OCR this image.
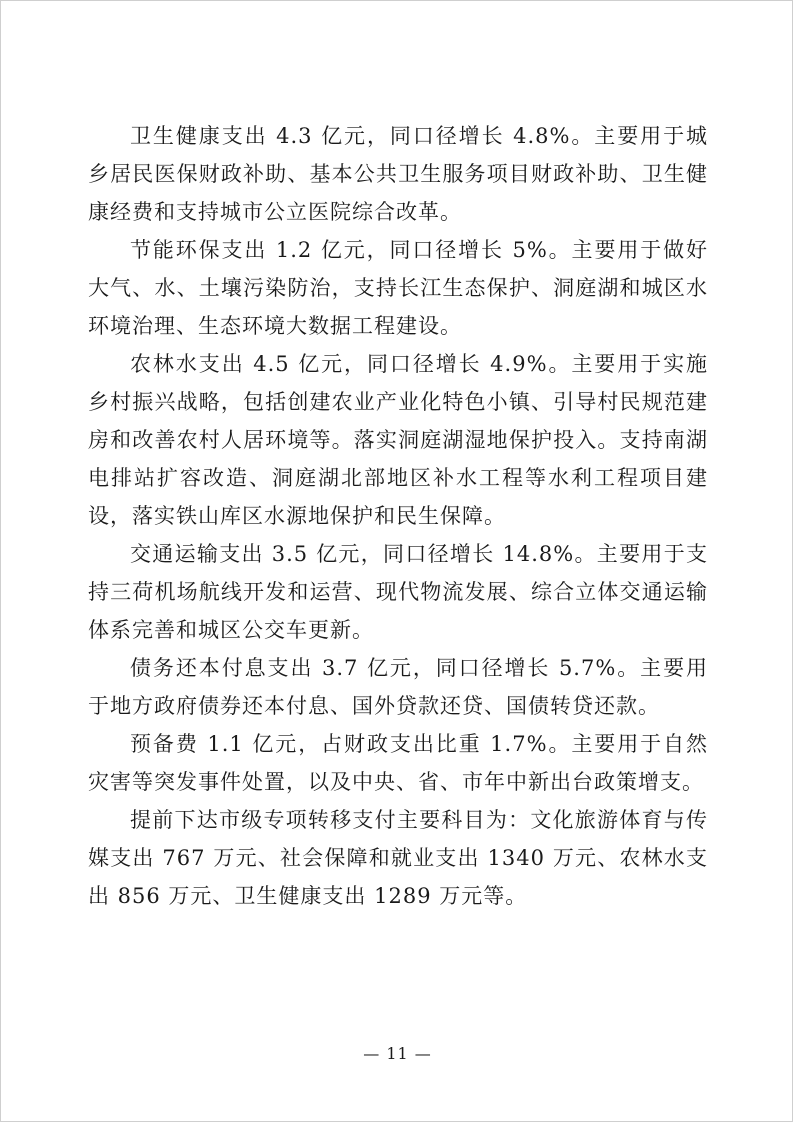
卫生健康支出 4.3 亿元，同口径增长 4.8%。主要用于城乡居民医保财政补助、基本公共卫生服务项目财政补助、卫生健康经费和支持城市公立医院综合改革。

节能环保支出 1.2 亿元，同口径增长 5%。主要用于做好大气、水、土壤污染防治，支持长江生态保护、洞庭湖和城区水环境治理、生态环境大数据工程建设。

农林水支出 4.5 亿元，同口径增长 4.9%。主要用于实施乡村振兴战略，包括创建农业产业化特色小镇、引导村民规范建房和改善农村人居环境等。落实洞庭湖湿地保护投入。支持南湖电排站扩容改造、洞庭湖北部地区补水工程等水利工程项目建设，落实铁山库区水源地保护和民生保障。

交通运输支出 3.5 亿元，同口径增长 14.8%。主要用于支持三荷机场航线开发和运营、现代物流发展、综合立体交通运输体系完善和城区公交车更新。

债务还本付息支出 3.7 亿元，同口径增长 5.7%。主要用于地方政府债券还本付息、国外贷款还贷、国债转贷还款。

预备费 1.1 亿元，占财政支出比重 1.7%。主要用于自然灾害等突发事件处置，以及中央、省、市年中新出台政策增支。

提前下达市级专项转移支付主要科目为：文化旅游体育与传媒支出 767 万元、社会保障和就业支出 1340 万元、农林水支出 856 万元、卫生健康支出 1289 万元等。

— 11 —
